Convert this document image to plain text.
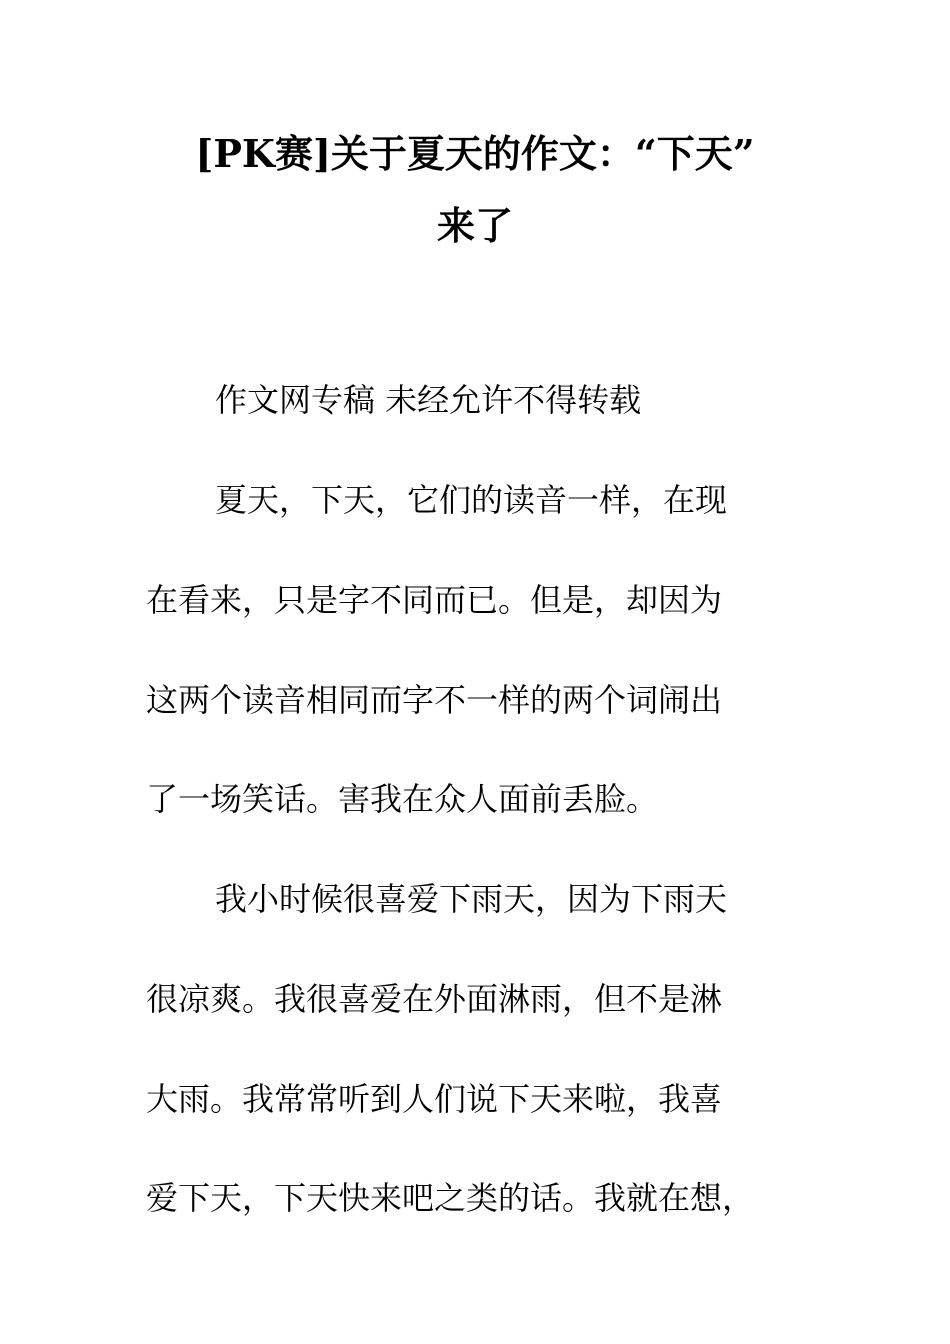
[PK赛]关于夏天的作文：“下天”
来了

作文网专稿 未经允许不得转载

夏天，下天，它们的读音一样，在现

在看来，只是字不同而已。但是，却因为

这两个读音相同而字不一样的两个词闹出

了一场笑话。害我在众人面前丢脸。

我小时候很喜爱下雨天，因为下雨天

很凉爽。我很喜爱在外面淋雨，但不是淋

大雨。我常常听到人们说下天来啦，我喜

爱下天，下天快来吧之类的话。我就在想，
